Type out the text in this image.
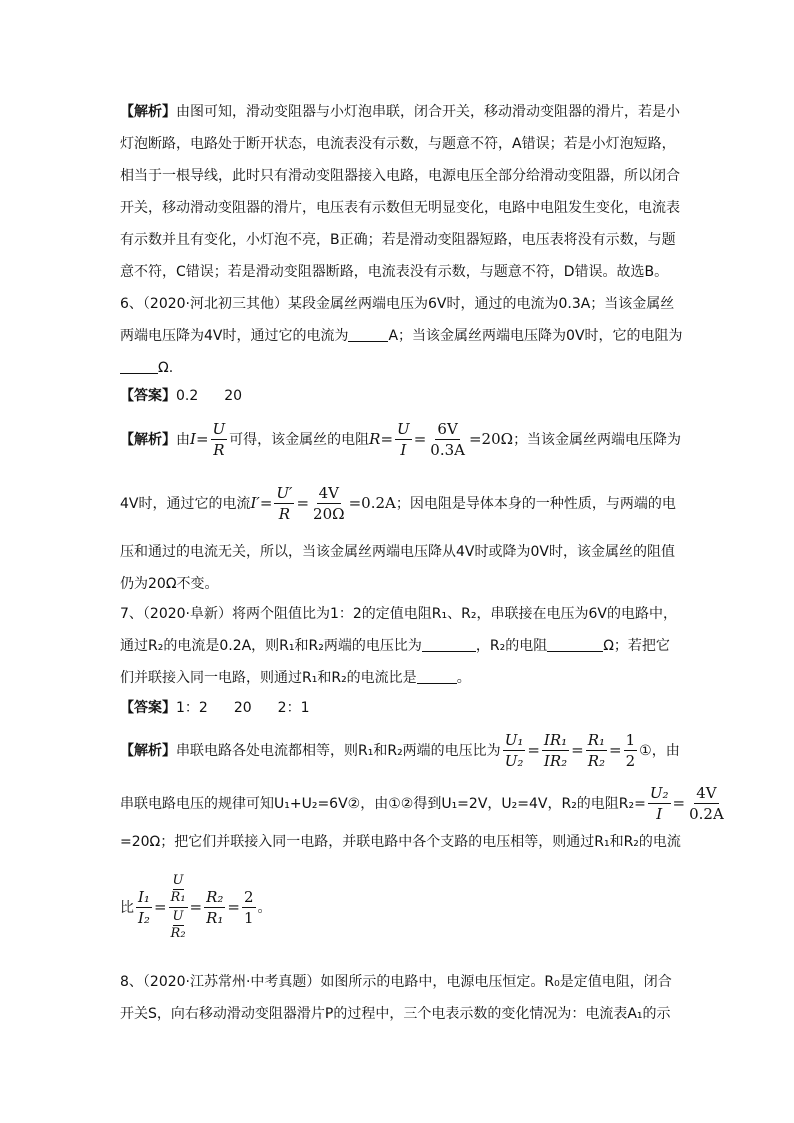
【解析】由图可知，滑动变阻器与小灯泡串联，闭合开关，移动滑动变阻器的滑片，若是小
灯泡断路，电路处于断开状态，电流表没有示数，与题意不符，A错误；若是小灯泡短路，
相当于一根导线，此时只有滑动变阻器接入电路，电源电压全部分给滑动变阻器，所以闭合
开关，移动滑动变阻器的滑片，电压表有示数但无明显变化，电路中电阻发生变化，电流表
有示数并且有变化，小灯泡不亮，B正确；若是滑动变阻器短路，电压表将没有示数，与题
意不符，C错误；若是滑动变阻器断路，电流表没有示数，与题意不符，D错误。故选B。
6、（2020·河北初三其他）某段金属丝两端电压为6V时，通过的电流为0.3A；当该金属丝
两端电压降为4V时，通过它的电流为	A；当该金属丝两端电压降为0V时，它的电阻为
Ω.
【答案】0.2 20
【解析】 由 $I = \frac{U}{R}$ 可得，该金属丝的电阻 $R = \frac{U}{I} = \frac{6V}{0.3A} =20\Omega$ ；当该金属丝两端电压降为
4V时，通过它的电流 $I' = \frac{U'}{R} = \frac{4V}{20\Omega} =0.2A$ ；因电阻是导体本身的一种性质，与两端的电
压和通过的电流无关，所以，当该金属丝两端电压降从4V时或降为0V时，该金属丝的阻值
仍为20Ω不变。
7、（2020·阜新）将两个阻值比为1：2的定值电阻R₁、R₂，串联接在电压为6V的电路中，
通过R₂的电流是0.2A，则R₁和R₂两端的电压比为	，R₂的电阻	Ω；若把它
们并联接入同一电路，则通过R₁和R₂的电流比是	。
【答案】1：2 20 2：1
【解析】 串联电路各处电流都相等，则R₁和R₂两端的电压比为 $\frac{\text{U₁}}{\text{U₂}} = \frac{\text{IR₁}}{\text{IR₂}} = \frac{\text{R₁}}{\text{R₂}} = \frac{1}{2}$ ①，由
串联电路电压的规律可知U₁+U₂=6V②，由①②得到U₁=2V，U₂=4V，R₂的电阻$R_2= \frac{\text{U₂}}{I} = \frac{4V}{0.2A}$
=20Ω；把它们并联接入同一电路，并联电路中各个支路的电压相等，则通过R₁和R₂的电流
比 $\frac{\text{I₁}}{\text{I₂}} = U$
R₁
U
$R_2 = \frac{\text{R₂}}{\text{R₁}} = \frac{2}{1}$ 。
8、（2020·江苏常州·中考真题）如图所示的电路中，电源电压恒定。R₀是定值电阻，闭合
开关S，向右移动滑动变阻器滑片P的过程中，三个电表示数的变化情况为：电流表A₁的示
